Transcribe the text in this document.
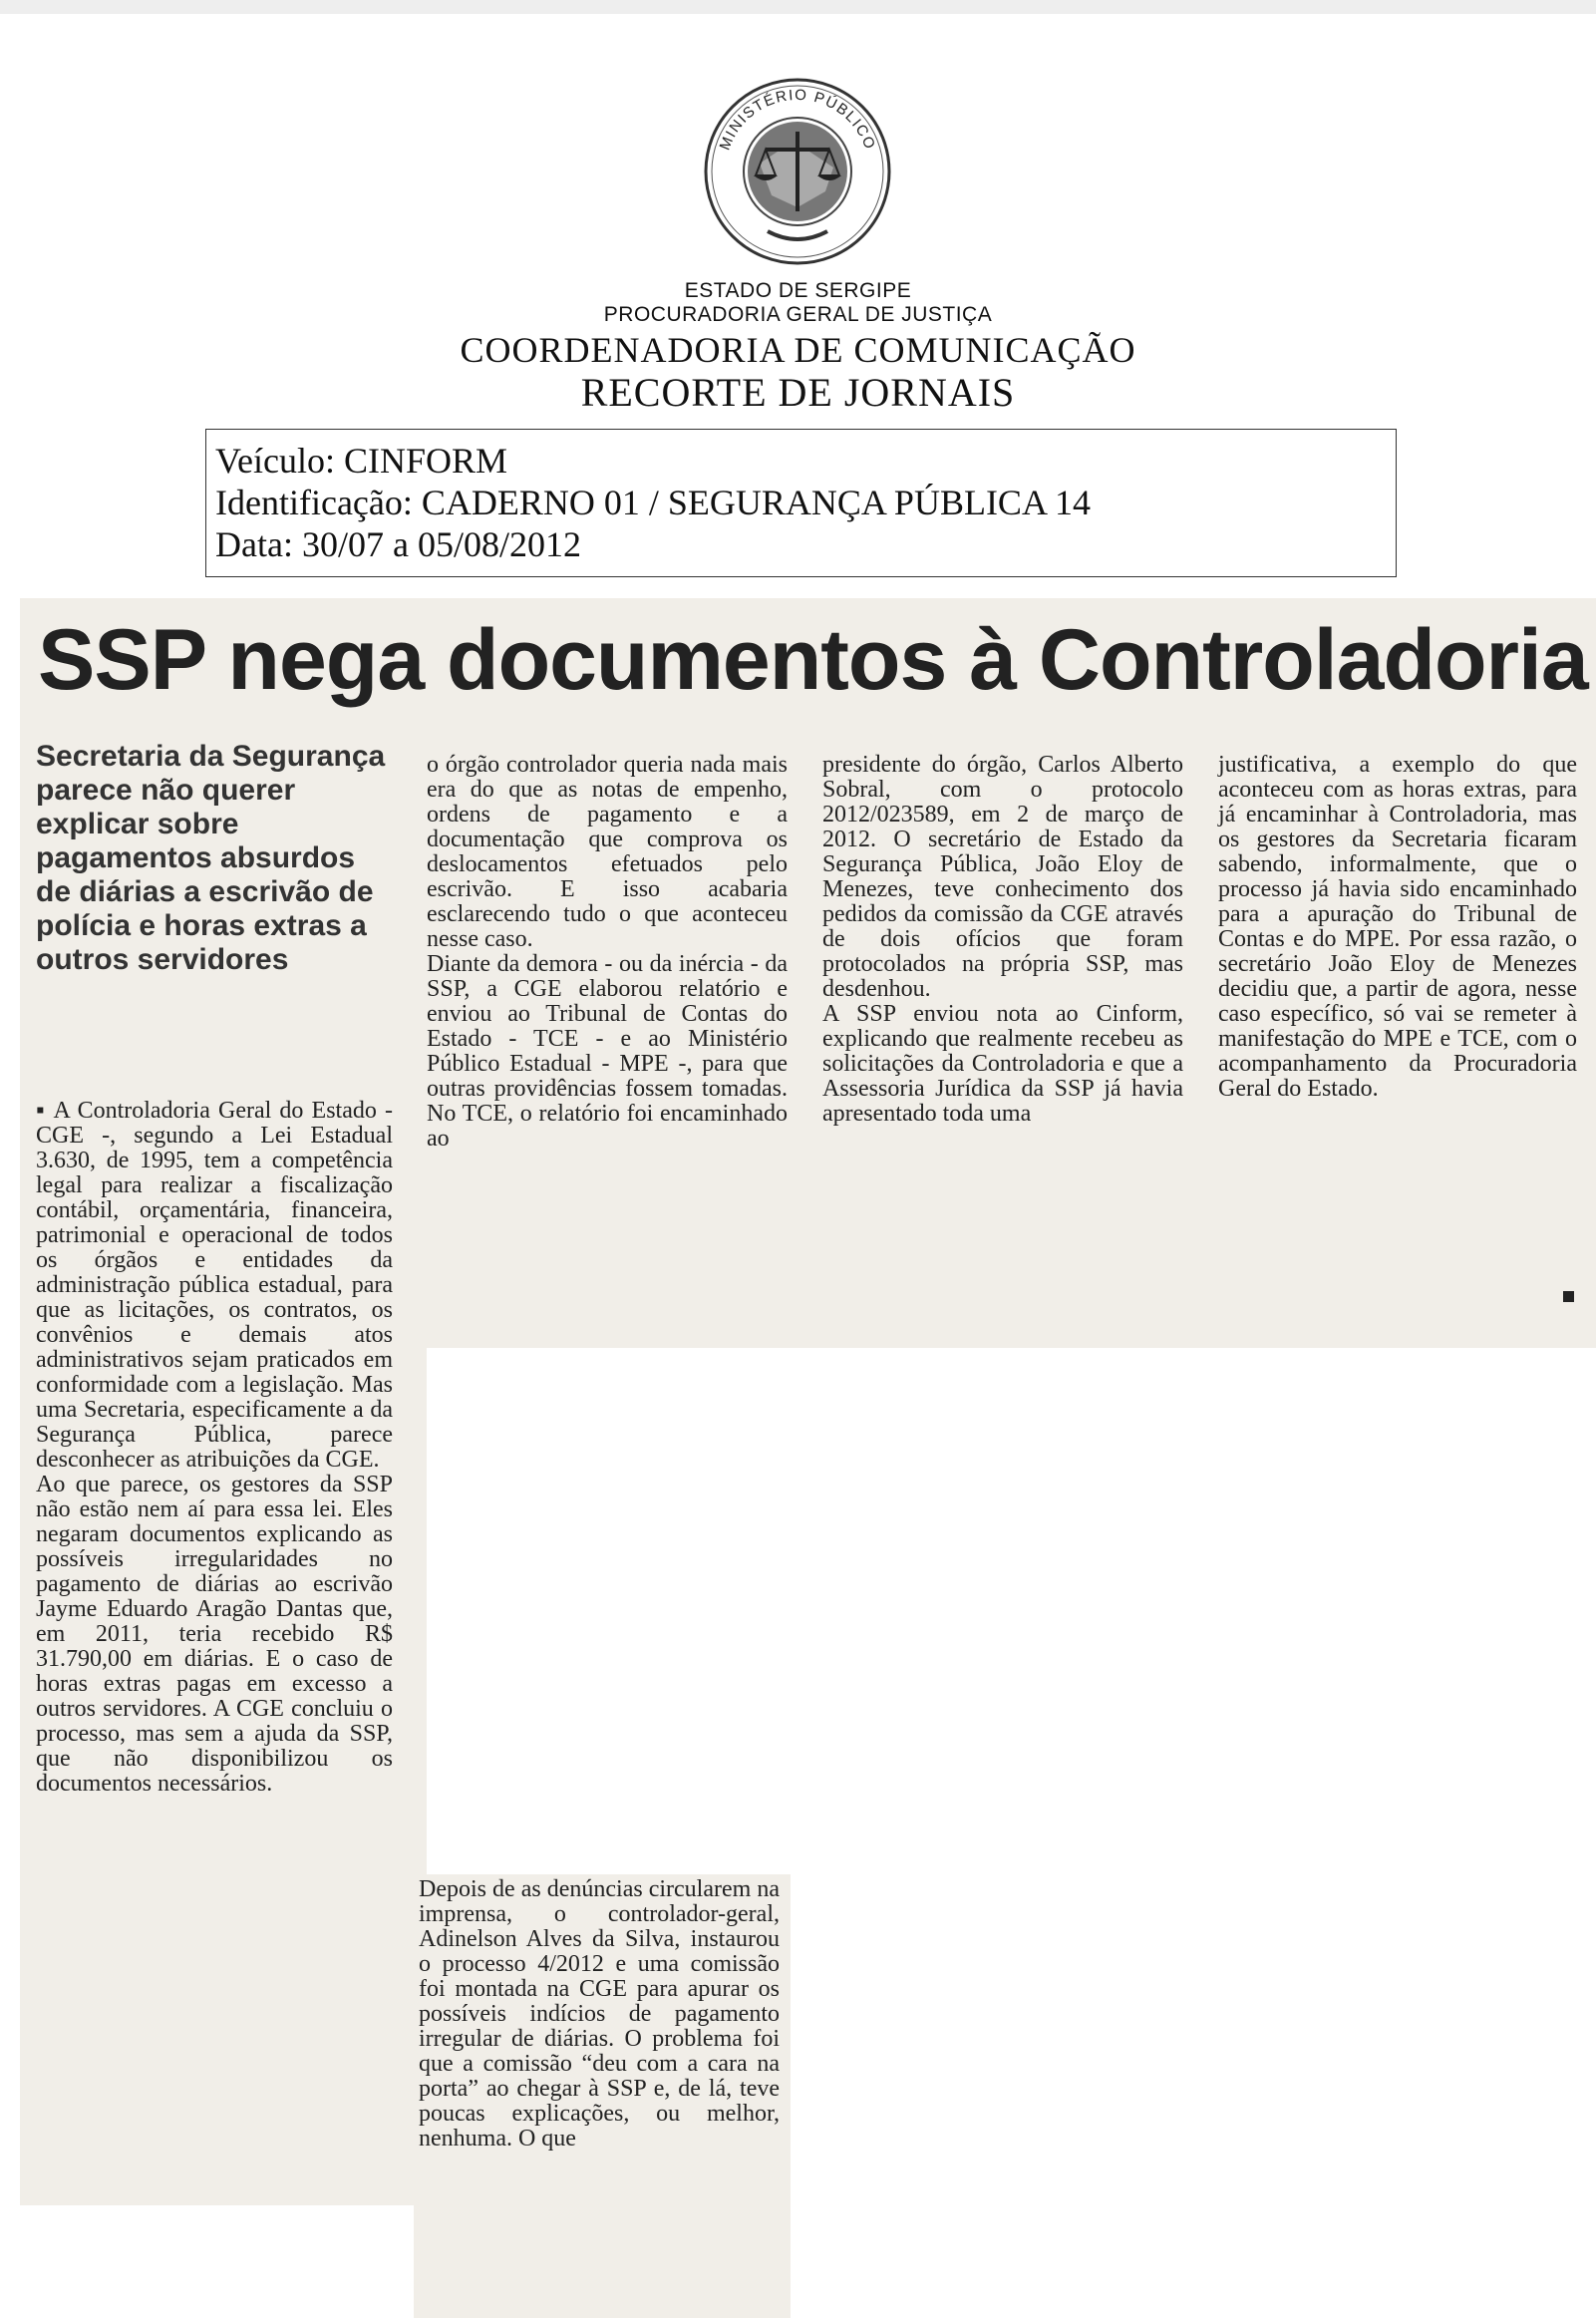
MINISTÉRIO PÚBLICO

ESTADO DE SERGIPE

PROCURADORIA GERAL DE JUSTIÇA

COORDENADORIA DE COMUNICAÇÃO

RECORTE DE JORNAIS

Veículo: CINFORM
Identificação: CADERNO 01 / SEGURANÇA PÚBLICA 14
Data: 30/07 a 05/08/2012
SSP nega documentos à Controladoria

Secretaria da Segurança parece não querer explicar sobre pagamentos absurdos de diárias a escrivão de polícia e horas extras a outros servidores

▪ A Controladoria Geral do Estado - CGE -, segundo a Lei Estadual 3.630, de 1995, tem a competência legal para realizar a fiscalização contábil, orçamentária, financeira, patrimonial e operacional de todos os órgãos e entidades da administração pública estadual, para que as licitações, os contratos, os convênios e demais atos administrativos sejam praticados em conformidade com a legislação. Mas uma Secretaria, especificamente a da Segurança Pública, parece desconhecer as atribuições da CGE.
Ao que parece, os gestores da SSP não estão nem aí para essa lei. Eles negaram documentos explicando as possíveis irregularidades no pagamento de diárias ao escrivão Jayme Eduardo Aragão Dantas que, em 2011, teria recebido R$ 31.790,00 em diárias. E o caso de horas extras pagas em excesso a outros servidores. A CGE concluiu o processo, mas sem a ajuda da SSP, que não disponibilizou os documentos necessários.

o órgão controlador queria nada mais era do que as notas de empenho, ordens de pagamento e a documentação que comprova os deslocamentos efetuados pelo escrivão. E isso acabaria esclarecendo tudo o que aconteceu nesse caso.
Diante da demora - ou da inércia - da SSP, a CGE elaborou relatório e enviou ao Tribunal de Contas do Estado - TCE - e ao Ministério Público Estadual - MPE -, para que outras providências fossem tomadas. No TCE, o relatório foi encaminhado ao

presidente do órgão, Carlos Alberto Sobral, com o protocolo 2012/023589, em 2 de março de 2012. O secretário de Estado da Segurança Pública, João Eloy de Menezes, teve conhecimento dos pedidos da comissão da CGE através de dois ofícios que foram protocolados na própria SSP, mas desdenhou.
A SSP enviou nota ao Cinform, explicando que realmente recebeu as solicitações da Controladoria e que a Assessoria Jurídica da SSP já havia apresentado toda uma

justificativa, a exemplo do que aconteceu com as horas extras, para já encaminhar à Controladoria, mas os gestores da Secretaria ficaram sabendo, informalmente, que o processo já havia sido encaminhado para a apuração do Tribunal de Contas e do MPE. Por essa razão, o secretário João Eloy de Menezes decidiu que, a partir de agora, nesse caso específico, só vai se remeter à manifestação do MPE e TCE, com o acompanhamento da Procuradoria Geral do Estado.

Depois de as denúncias circularem na imprensa, o controlador-geral, Adinelson Alves da Silva, instaurou o processo 4/2012 e uma comissão foi montada na CGE para apurar os possíveis indícios de pagamento irregular de diárias. O problema foi que a comissão “deu com a cara na porta” ao chegar à SSP e, de lá, teve poucas explicações, ou melhor, nenhuma. O que
